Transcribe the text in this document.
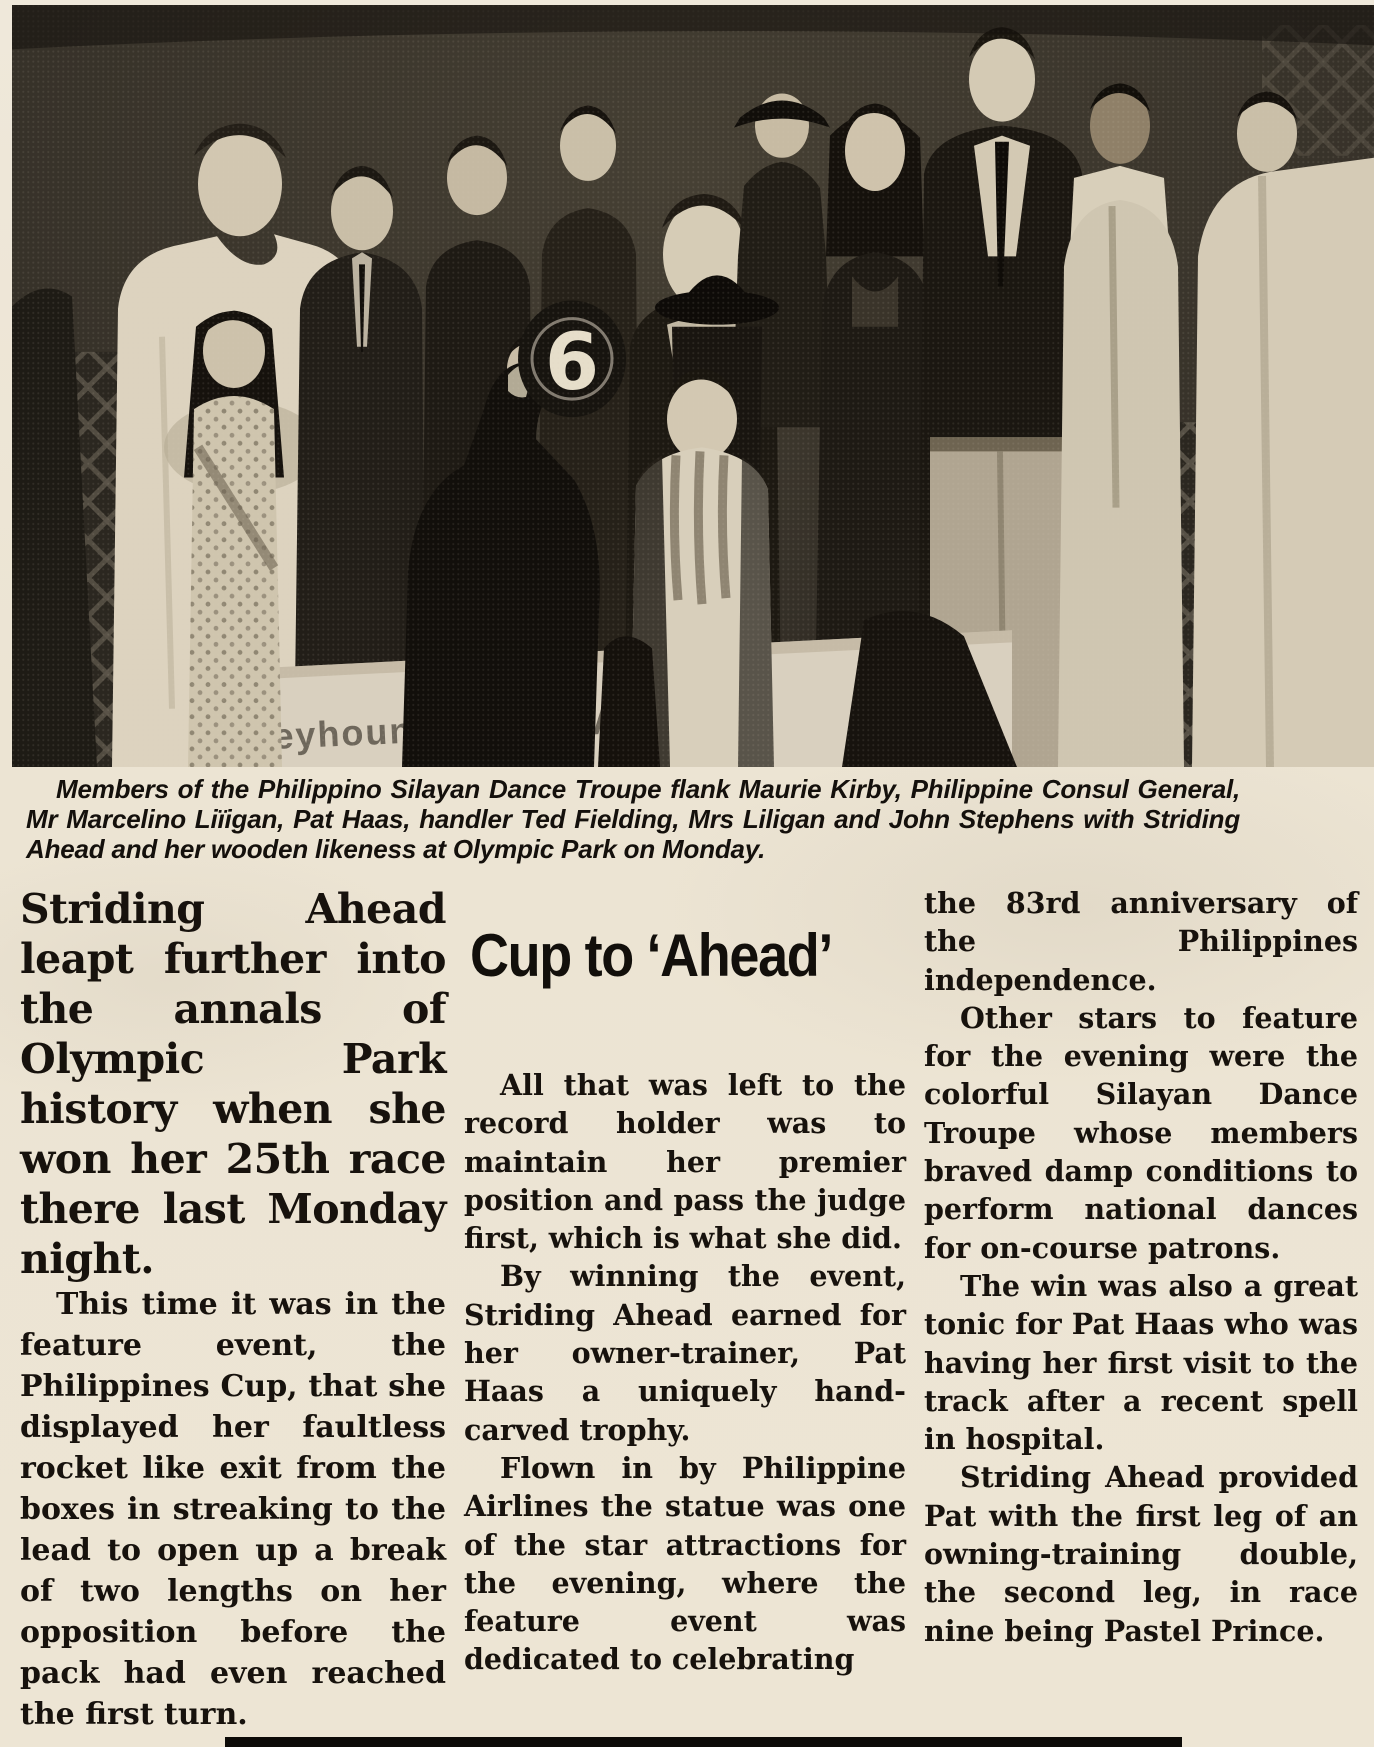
Members of the Philippino Silayan Dance Troupe flank Maurie Kirby, Philippine Consul General, Mr Marcelino Liïigan, Pat Haas, handler Ted Fielding, Mrs Liligan and John Stephens with Striding Ahead and her wooden likeness at Olympic Park on Monday.

Striding Ahead leapt further into the annals of Olympic Park history when she won her 25th race there last Monday night.

This time it was in the feature event, the Philippines Cup, that she displayed her faultless rocket like exit from the boxes in streaking to the lead to open up a break of two lengths on her opposition before the pack had even reached the first turn.

Cup to ‘Ahead’

All that was left to the record holder was to maintain her premier position and pass the judge first, which is what she did.

By winning the event, Striding Ahead earned for her owner-trainer, Pat Haas a uniquely hand-carved trophy.

Flown in by Philippine Airlines the statue was one of the star attractions for the evening, where the feature event was dedicated to celebrating

the 83rd anniversary of the Philippines independence.

Other stars to feature for the evening were the colorful Silayan Dance Troupe whose members braved damp conditions to perform national dances for on-course patrons.

The win was also a great tonic for Pat Haas who was having her first visit to the track after a recent spell in hospital.

Striding Ahead provided Pat with the first leg of an owning-training double, the second leg, in race nine being Pastel Prince.
